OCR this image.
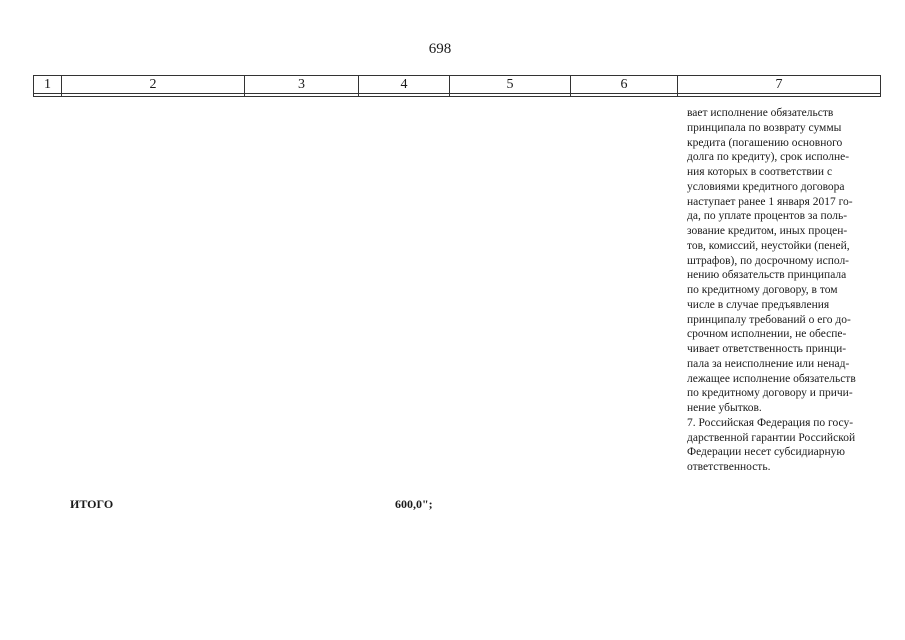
698
1	2	3	4	5	6	7

вает исполнение обязательств
принципала по возврату суммы
кредита (погашению основного
долга по кредиту), срок исполне-
ния которых в соответствии с
условиями кредитного договора
наступает ранее 1 января 2017 го-
да, по уплате процентов за поль-
зование кредитом, иных процен-
тов, комиссий, неустойки (пеней,
штрафов), по досрочному испол-
нению обязательств принципала
по кредитному договору, в том
числе в случае предъявления
принципалу требований о его до-
срочном исполнении, не обеспе-
чивает ответственность принци-
пала за неисполнение или ненад-
лежащее исполнение обязательств
по кредитному договору и причи-
нение убытков.
7. Российская Федерация по госу-
дарственной гарантии Российской
Федерации несет субсидиарную
ответственность.

ИТОГО	600,0";
